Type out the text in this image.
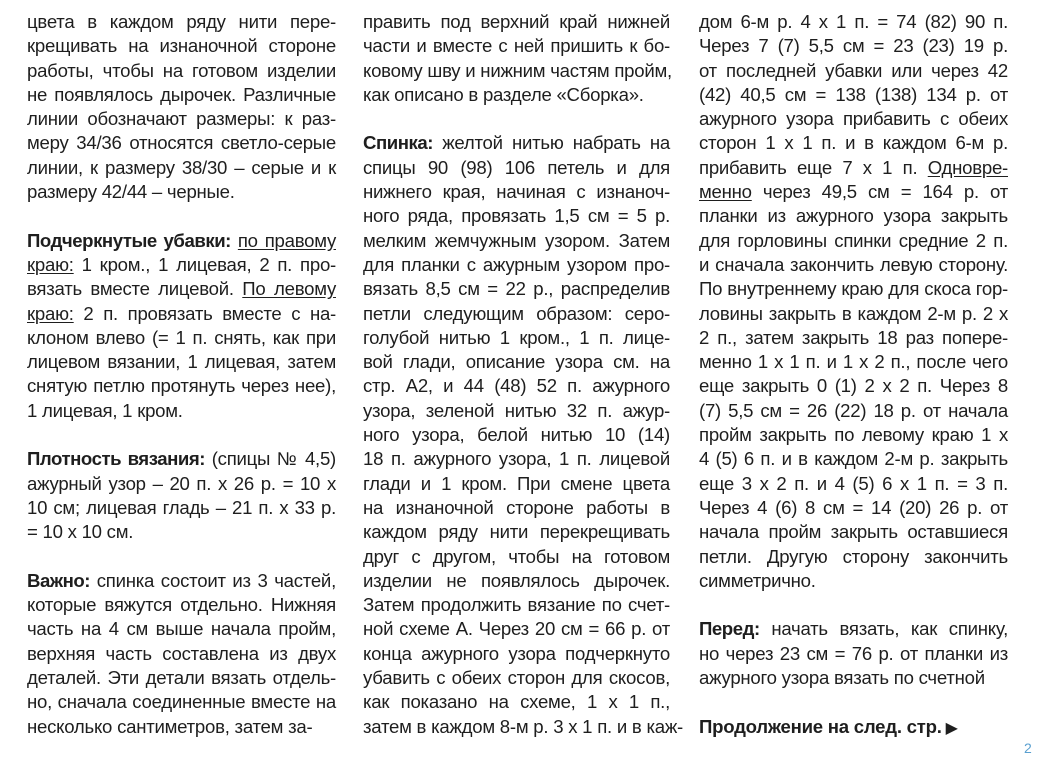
цвета в каждом ряду нити пере-
крещивать на изнаночной стороне
работы, чтобы на готовом изделии
не появлялось дырочек. Различные
линии обозначают размеры: к раз-
меру 34/36 относятся светло-серые
линии, к размеру 38/30 – серые и к
размеру 42/44 – черные.

Подчеркнутые убавки: по правому
краю: 1 кром., 1 лицевая, 2 п. про-
вязать вместе лицевой. По левому
краю: 2 п. провязать вместе с на-
клоном влево (= 1 п. снять, как при
лицевом вязании, 1 лицевая, затем
снятую петлю протянуть через нее),
1 лицевая, 1 кром.

Плотность вязания: (спицы № 4,5)
ажурный узор – 20 п. х 26 р. = 10 х
10 см; лицевая гладь – 21 п. х 33 р.
= 10 х 10 см.

Важно: спинка состоит из 3 частей,
которые вяжутся отдельно. Нижняя
часть на 4 см выше начала пройм,
верхняя часть составлена из двух
деталей. Эти детали вязать отдель-
но, сначала соединенные вместе на
несколько сантиметров, затем за-

править под верхний край нижней
части и вместе с ней пришить к бо-
ковому шву и нижним частям пройм,
как описано в разделе «Сборка».

Спинка: желтой нитью набрать на
спицы 90 (98) 106 петель и для
нижнего края, начиная с изнаноч-
ного ряда, провязать 1,5 см = 5 р.
мелким жемчужным узором. Затем
для планки с ажурным узором про-
вязать 8,5 см = 22 р., распределив
петли следующим образом: серо-
голубой нитью 1 кром., 1 п. лице-
вой глади, описание узора см. на
стр. А2, и 44 (48) 52 п. ажурного
узора, зеленой нитью 32 п. ажур-
ного узора, белой нитью 10 (14)
18 п. ажурного узора, 1 п. лицевой
глади и 1 кром. При смене цвета
на изнаночной стороне работы в
каждом ряду нити перекрещивать
друг с другом, чтобы на готовом
изделии не появлялось дырочек.
Затем продолжить вязание по счет-
ной схеме А. Через 20 см = 66 р. от
конца ажурного узора подчеркнуто
убавить с обеих сторон для скосов,
как показано на схеме, 1 х 1 п.,
затем в каждом 8-м р. 3 х 1 п. и в каж-

дом 6-м р. 4 х 1 п. = 74 (82) 90 п.
Через 7 (7) 5,5 см = 23 (23) 19 р.
от последней убавки или через 42
(42) 40,5 см = 138 (138) 134 р. от
ажурного узора прибавить с обеих
сторон 1 х 1 п. и в каждом 6-м р.
прибавить еще 7 х 1 п. Одновре-
менно через 49,5 см = 164 р. от
планки из ажурного узора закрыть
для горловины спинки средние 2 п.
и сначала закончить левую сторону.
По внутреннему краю для скоса гор-
ловины закрыть в каждом 2-м р. 2 х
2 п., затем закрыть 18 раз попере-
менно 1 х 1 п. и 1 х 2 п., после чего
еще закрыть 0 (1) 2 х 2 п. Через 8
(7) 5,5 см = 26 (22) 18 р. от начала
пройм закрыть по левому краю 1 х
4 (5) 6 п. и в каждом 2-м р. закрыть
еще 3 х 2 п. и 4 (5) 6 х 1 п. = 3 п.
Через 4 (6) 8 см = 14 (20) 26 р. от
начала пройм закрыть оставшиеся
петли. Другую сторону закончить
симметрично.

Перед: начать вязать, как спинку,
но через 23 см = 76 р. от планки из
ажурного узора вязать по счетной

Продолжение на след. стр. ▶

2
